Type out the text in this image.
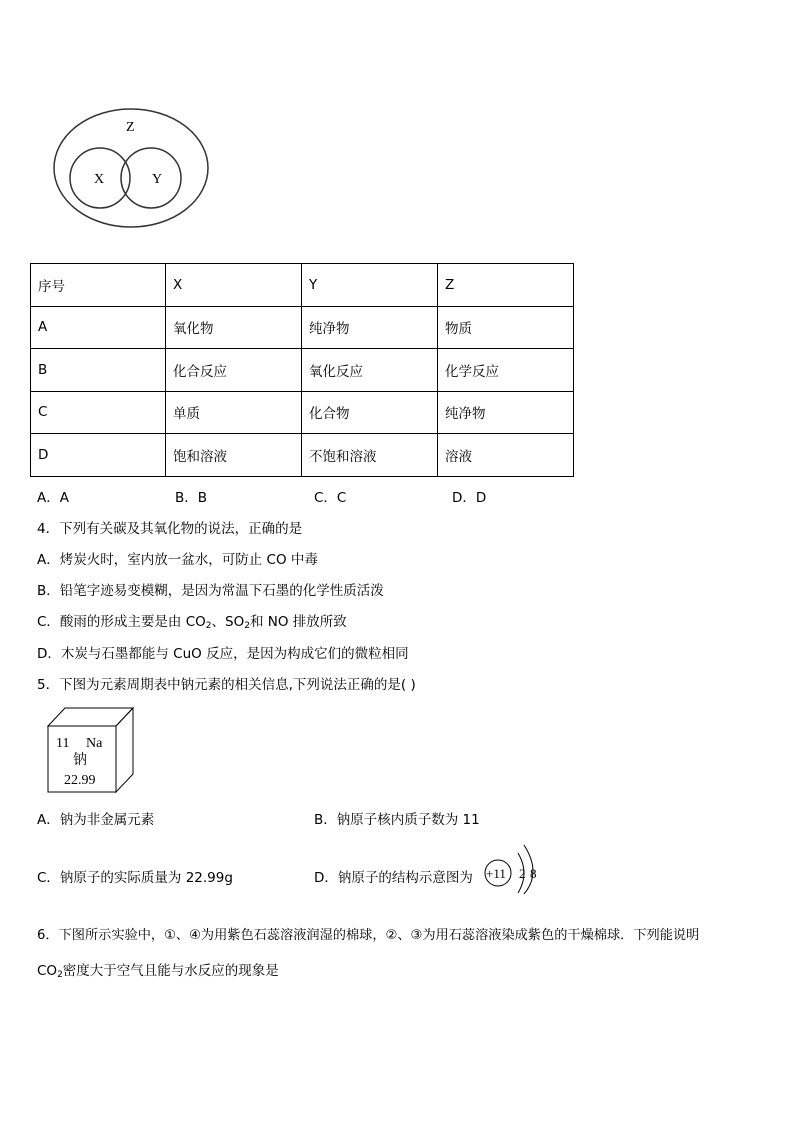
Z
X	Y
序号	X	Y	Z
A	氧化物	纯净物	物质
B	化合反应	氧化反应	化学反应
C	单质	化合物	纯净物
D	饱和溶液	不饱和溶液	溶液
A．A	B．B	C．C	D．D
4．下列有关碳及其氧化物的说法，正确的是
A．烤炭火时，室内放一盆水，可防止 CO 中毒
B．铅笔字迹易变模糊，是因为常温下石墨的化学性质活泼
C．酸雨的形成主要是由 $CO_2$、$SO_2$和 NO 排放所致
D．木炭与石墨都能与 CuO 反应，是因为构成它们的微粒相同
5．下图为元素周期表中钠元素的相关信息,下列说法正确的是( )
11 Na
钠
22.99
A．钠为非金属元素	B．钠原子核内质子数为 11
C．钠原子的实际质量为 22.99g	D．钠原子的结构示意图为 +11 2 8
6．下图所示实验中，①、④为用紫色石蕊溶液润湿的棉球，②、③为用石蕊溶液染成紫色的干燥棉球．下列能说明
$CO_2$密度大于空气且能与水反应的现象是
